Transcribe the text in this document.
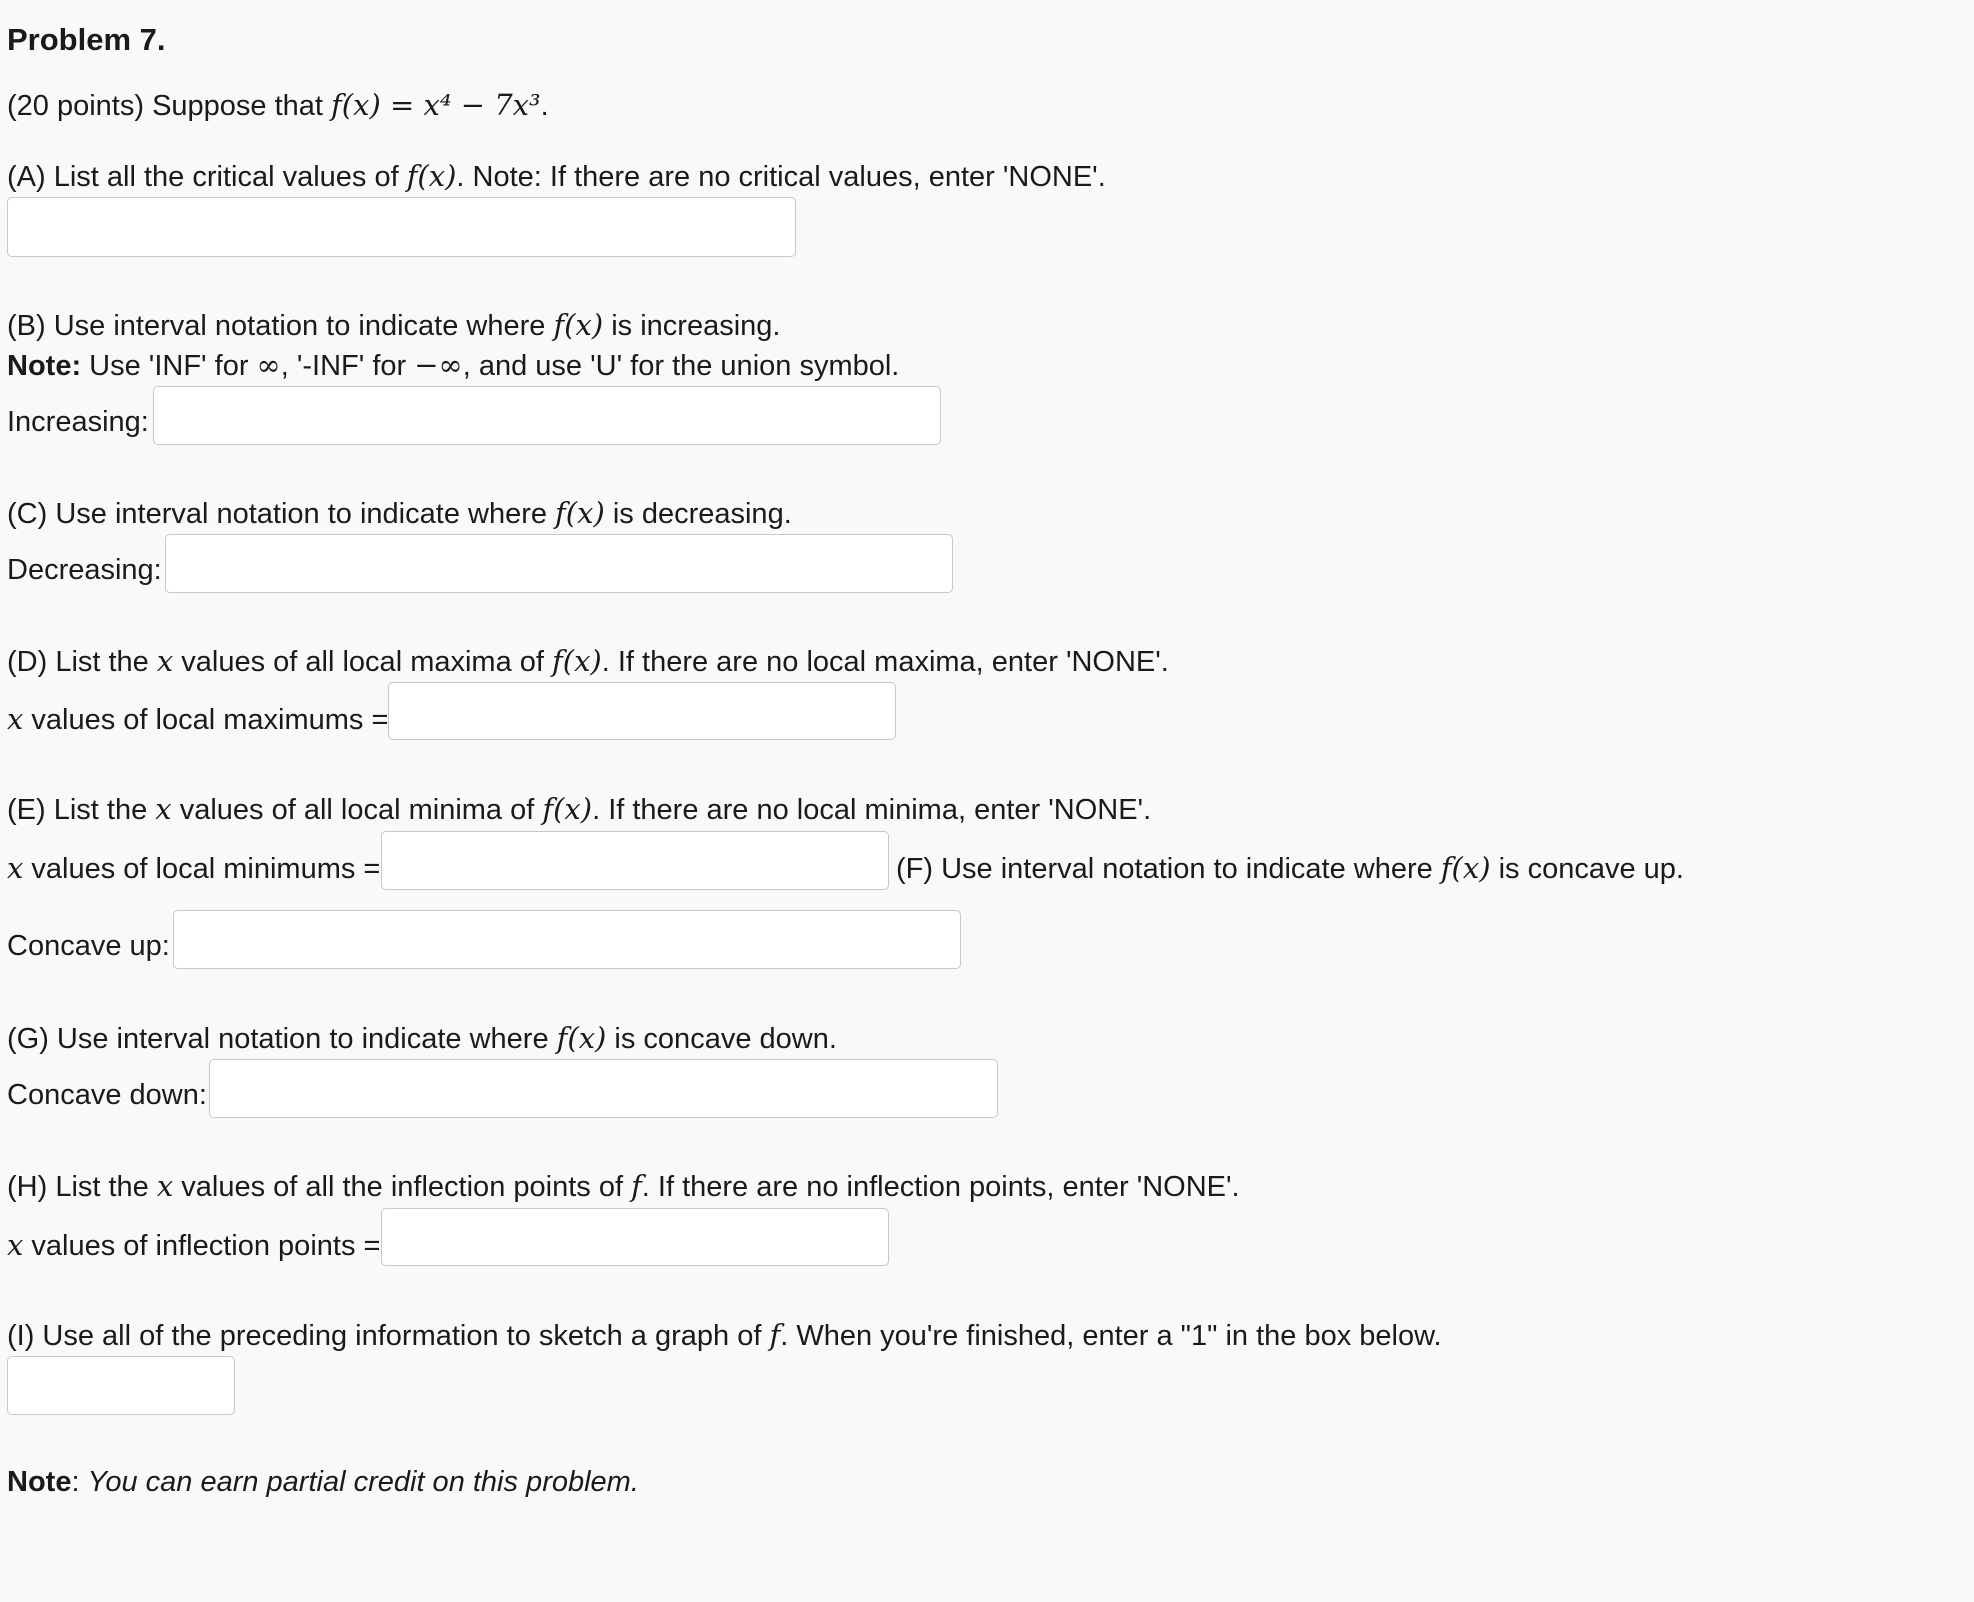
Problem 7.
(20 points) Suppose that f(x) = x⁴ − 7x³.
(A) List all the critical values of f(x). Note: If there are no critical values, enter 'NONE'.
(B) Use interval notation to indicate where f(x) is increasing.
Note: Use 'INF' for ∞, '-INF' for −∞, and use 'U' for the union symbol.
Increasing:
(C) Use interval notation to indicate where f(x) is decreasing.
Decreasing:
(D) List the x values of all local maxima of f(x). If there are no local maxima, enter 'NONE'.
x values of local maximums =
(E) List the x values of all local minima of f(x). If there are no local minima, enter 'NONE'.
x values of local minimums =	(F) Use interval notation to indicate where f(x) is concave up.
Concave up:
(G) Use interval notation to indicate where f(x) is concave down.
Concave down:
(H) List the x values of all the inflection points of f. If there are no inflection points, enter 'NONE'.
x values of inflection points =
(I) Use all of the preceding information to sketch a graph of f. When you're finished, enter a "1" in the box below.
Note: You can earn partial credit on this problem.
